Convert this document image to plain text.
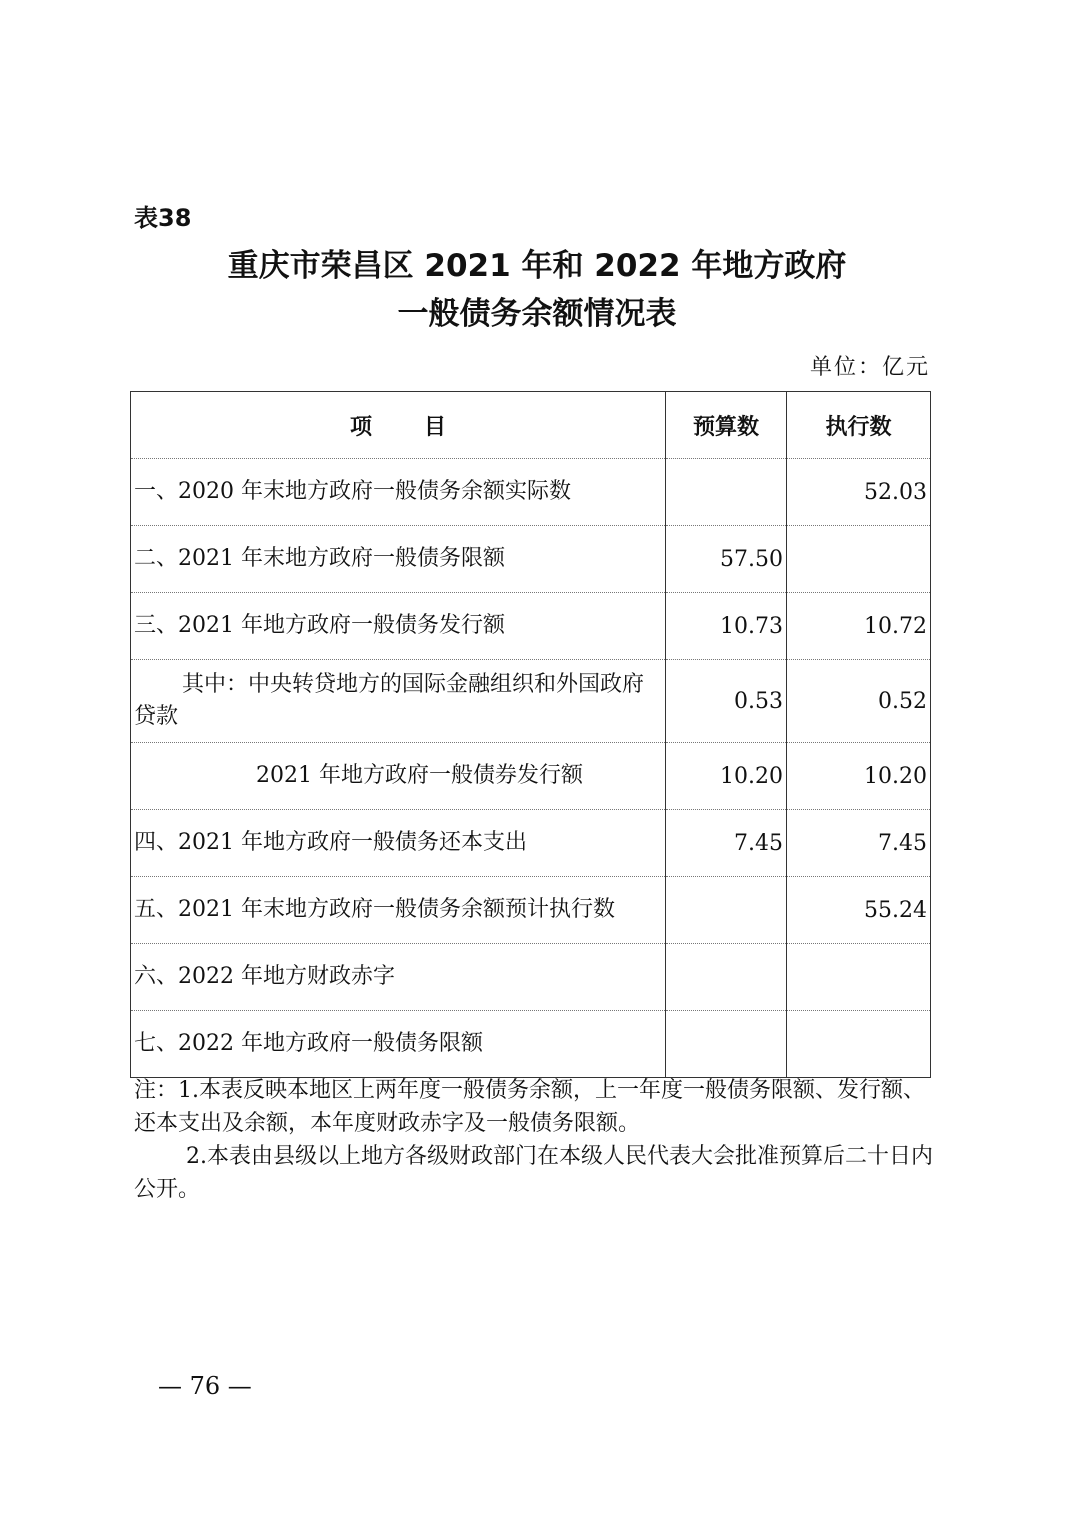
表38
重庆市荣昌区 2021 年和 2022 年地方政府
一般债务余额情况表
单位：亿元
项 目	预算数	执行数
一、2020 年末地方政府一般债务余额实际数		52.03
二、2021 年末地方政府一般债务限额	57.50	
三、2021 年地方政府一般债务发行额	10.73	10.72
其中：中央转贷地方的国际金融组织和外国政府贷款	0.53	0.52
2021 年地方政府一般债券发行额	10.20	10.20
四、2021 年地方政府一般债务还本支出	7.45	7.45
五、2021 年末地方政府一般债务余额预计执行数		55.24
六、2022 年地方财政赤字		
七、2022 年地方政府一般债务限额		

注：1.本表反映本地区上两年度一般债务余额，上一年度一般债务限额、发行额、还本支出及余额，本年度财政赤字及一般债务限额。

2.本表由县级以上地方各级财政部门在本级人民代表大会批准预算后二十日内公开。

— 76 —
